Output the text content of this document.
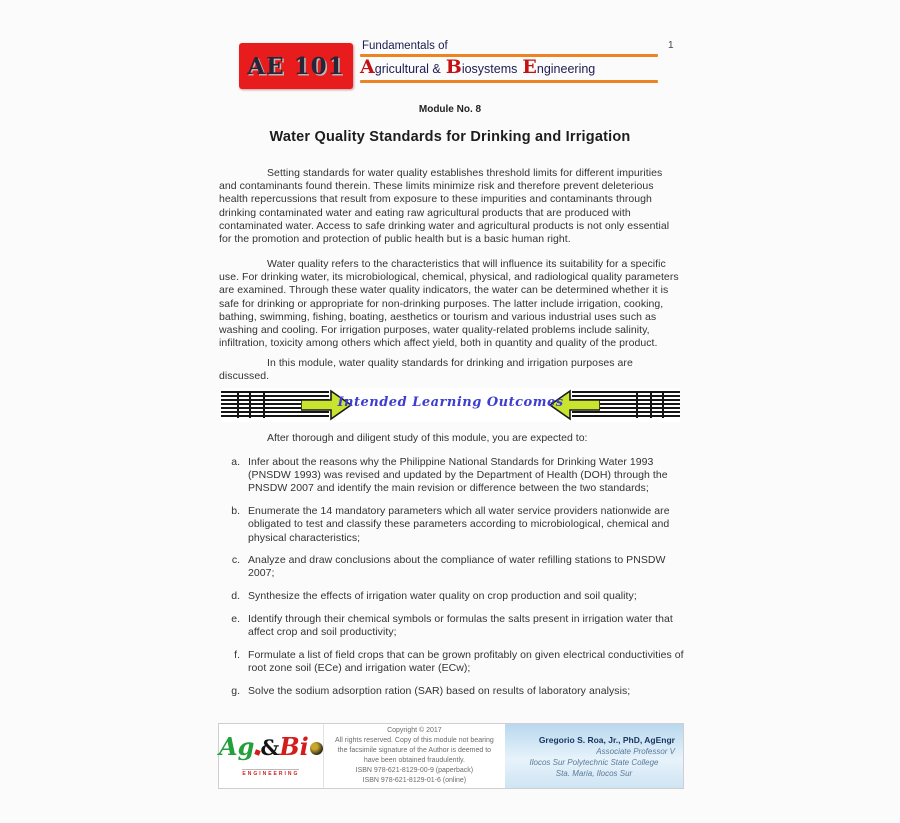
AE 101
Fundamentals of
Agricultural & Biosystems Engineering
1
Module No. 8
Water Quality Standards for Drinking and Irrigation
Setting standards for water quality establishes threshold limits for different impurities and contaminants found therein. These limits minimize risk and therefore prevent deleterious health repercussions that result from exposure to these impurities and contaminants through drinking contaminated water and eating raw agricultural products that are produced with contaminated water. Access to safe drinking water and agricultural products is not only essential for the promotion and protection of public health but is a basic human right.
Water quality refers to the characteristics that will influence its suitability for a specific use. For drinking water, its microbiological, chemical, physical, and radiological quality parameters are examined. Through these water quality indicators, the water can be determined whether it is safe for drinking or appropriate for non-drinking purposes. The latter include irrigation, cooking, bathing, swimming, fishing, boating, aesthetics or tourism and various industrial uses such as washing and cooling. For irrigation purposes, water quality-related problems include salinity, infiltration, toxicity among others which affect yield, both in quantity and quality of the product.
In this module, water quality standards for drinking and irrigation purposes are discussed.
Intended Learning Outcomes
After thorough and diligent study of this module, you are expected to:
a. Infer about the reasons why the Philippine National Standards for Drinking Water 1993 (PNSDW 1993) was revised and updated by the Department of Health (DOH) through the PNSDW 2007 and identify the main revision or difference between the two standards;
b. Enumerate the 14 mandatory parameters which all water service providers nationwide are obligated to test and classify these parameters according to microbiological, chemical and physical characteristics;
c. Analyze and draw conclusions about the compliance of water refilling stations to PNSDW 2007;
d. Synthesize the effects of irrigation water quality on crop production and soil quality;
e. Identify through their chemical symbols or formulas the salts present in irrigation water that affect crop and soil productivity;
f. Formulate a list of field crops that can be grown profitably on given electrical conductivities of root zone soil (ECe) and irrigation water (ECw);
g. Solve the sodium adsorption ration (SAR) based on results of laboratory analysis;
Ag & Bi
ENGINEERING
Copyright © 2017
All rights reserved. Copy of this module not bearing
the facsimile signature of the Author is deemed to
have been obtained fraudulently.
ISBN 978-621-8129-00-9 (paperback)
ISBN 978-621-8129-01-6 (online)
Gregorio S. Roa, Jr., PhD, AgEngr
Associate Professor V
Ilocos Sur Polytechnic State College
Sta. Maria, Ilocos Sur
